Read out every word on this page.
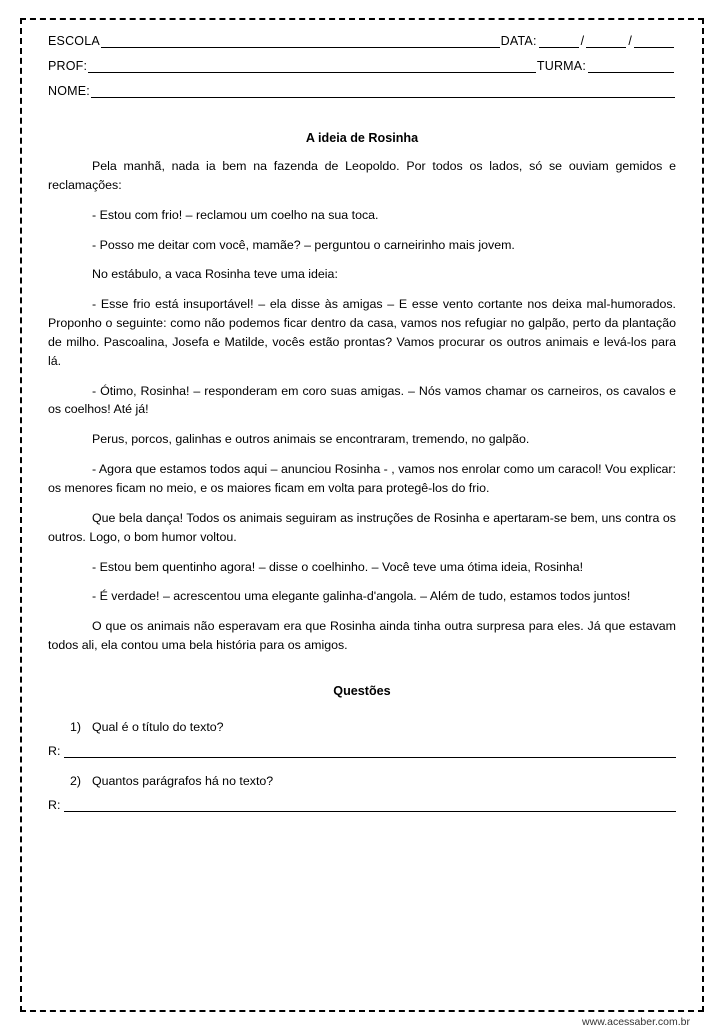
ESCOLA	DATA:	/	/
PROF:	TURMA:
NOME:
A ideia de Rosinha

Pela manhã, nada ia bem na fazenda de Leopoldo. Por todos os lados, só se ouviam gemidos e reclamações:

- Estou com frio! – reclamou um coelho na sua toca.

- Posso me deitar com você, mamãe? – perguntou o carneirinho mais jovem.

No estábulo, a vaca Rosinha teve uma ideia:

- Esse frio está insuportável! – ela disse às amigas – E esse vento cortante nos deixa mal-humorados. Proponho o seguinte: como não podemos ficar dentro da casa, vamos nos refugiar no galpão, perto da plantação de milho. Pascoalina, Josefa e Matilde, vocês estão prontas? Vamos procurar os outros animais e levá-los para lá.

- Ótimo, Rosinha! – responderam em coro suas amigas. – Nós vamos chamar os carneiros, os cavalos e os coelhos! Até já!

Perus, porcos, galinhas e outros animais se encontraram, tremendo, no galpão.

- Agora que estamos todos aqui – anunciou Rosinha - , vamos nos enrolar como um caracol! Vou explicar: os menores ficam no meio, e os maiores ficam em volta para protegê-los do frio.

Que bela dança! Todos os animais seguiram as instruções de Rosinha e apertaram-se bem, uns contra os outros. Logo, o bom humor voltou.

- Estou bem quentinho agora! – disse o coelhinho. – Você teve uma ótima ideia, Rosinha!

- É verdade! – acrescentou uma elegante galinha-d'angola. – Além de tudo, estamos todos juntos!

O que os animais não esperavam era que Rosinha ainda tinha outra surpresa para eles. Já que estavam todos ali, ela contou uma bela história para os amigos.

Questões
1) Qual é o título do texto?
R:
2) Quantos parágrafos há no texto?
R:
www.acessaber.com.br
